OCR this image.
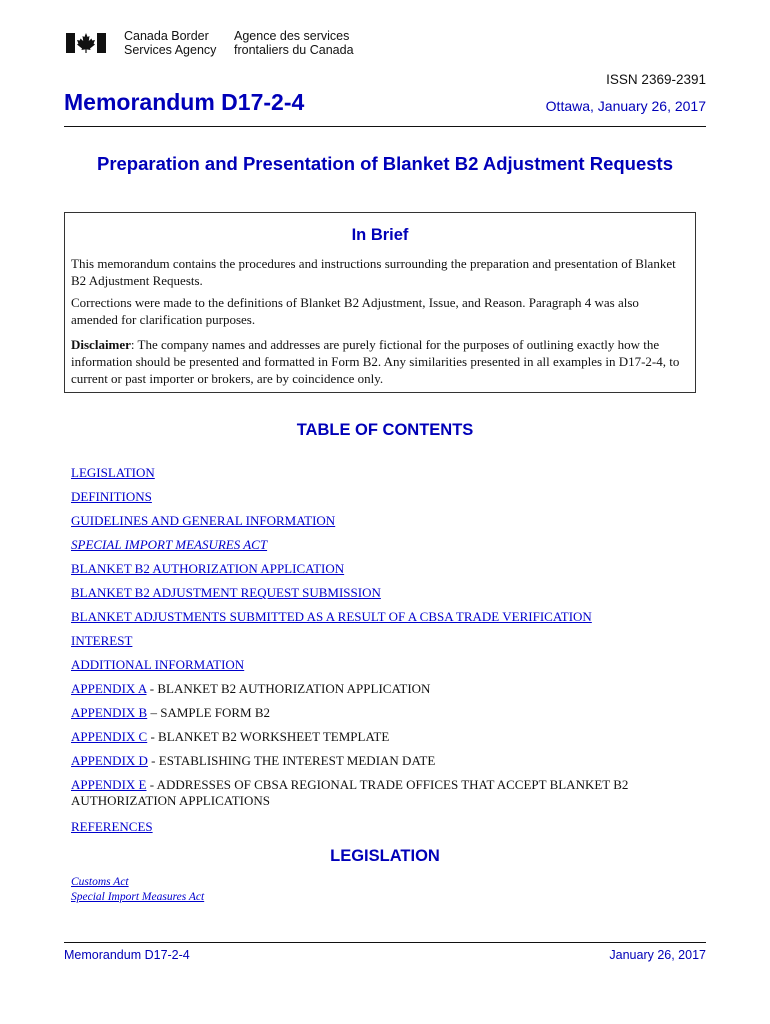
Canada Border
Services Agency
Agence des services
frontaliers du Canada
ISSN 2369-2391
Memorandum D17-2-4	Ottawa, January 26, 2017
Preparation and Presentation of Blanket B2 Adjustment Requests
In Brief
This memorandum contains the procedures and instructions surrounding the preparation and presentation of Blanket B2 Adjustment Requests.
Corrections were made to the definitions of Blanket B2 Adjustment, Issue, and Reason. Paragraph 4 was also amended for clarification purposes.
Disclaimer: The company names and addresses are purely fictional for the purposes of outlining exactly how the information should be presented and formatted in Form B2. Any similarities presented in all examples in D17-2-4, to current or past importer or brokers, are by coincidence only.
TABLE OF CONTENTS
LEGISLATION
DEFINITIONS
GUIDELINES AND GENERAL INFORMATION
SPECIAL IMPORT MEASURES ACT
BLANKET B2 AUTHORIZATION APPLICATION
BLANKET B2 ADJUSTMENT REQUEST SUBMISSION
BLANKET ADJUSTMENTS SUBMITTED AS A RESULT OF A CBSA TRADE VERIFICATION
INTEREST
ADDITIONAL INFORMATION
APPENDIX A - BLANKET B2 AUTHORIZATION APPLICATION
APPENDIX B – SAMPLE FORM B2
APPENDIX C - BLANKET B2 WORKSHEET TEMPLATE
APPENDIX D - ESTABLISHING THE INTEREST MEDIAN DATE
APPENDIX E - ADDRESSES OF CBSA REGIONAL TRADE OFFICES THAT ACCEPT BLANKET B2 AUTHORIZATION APPLICATIONS
REFERENCES
LEGISLATION
Customs Act
Special Import Measures Act
Memorandum D17-2-4	January 26, 2017
